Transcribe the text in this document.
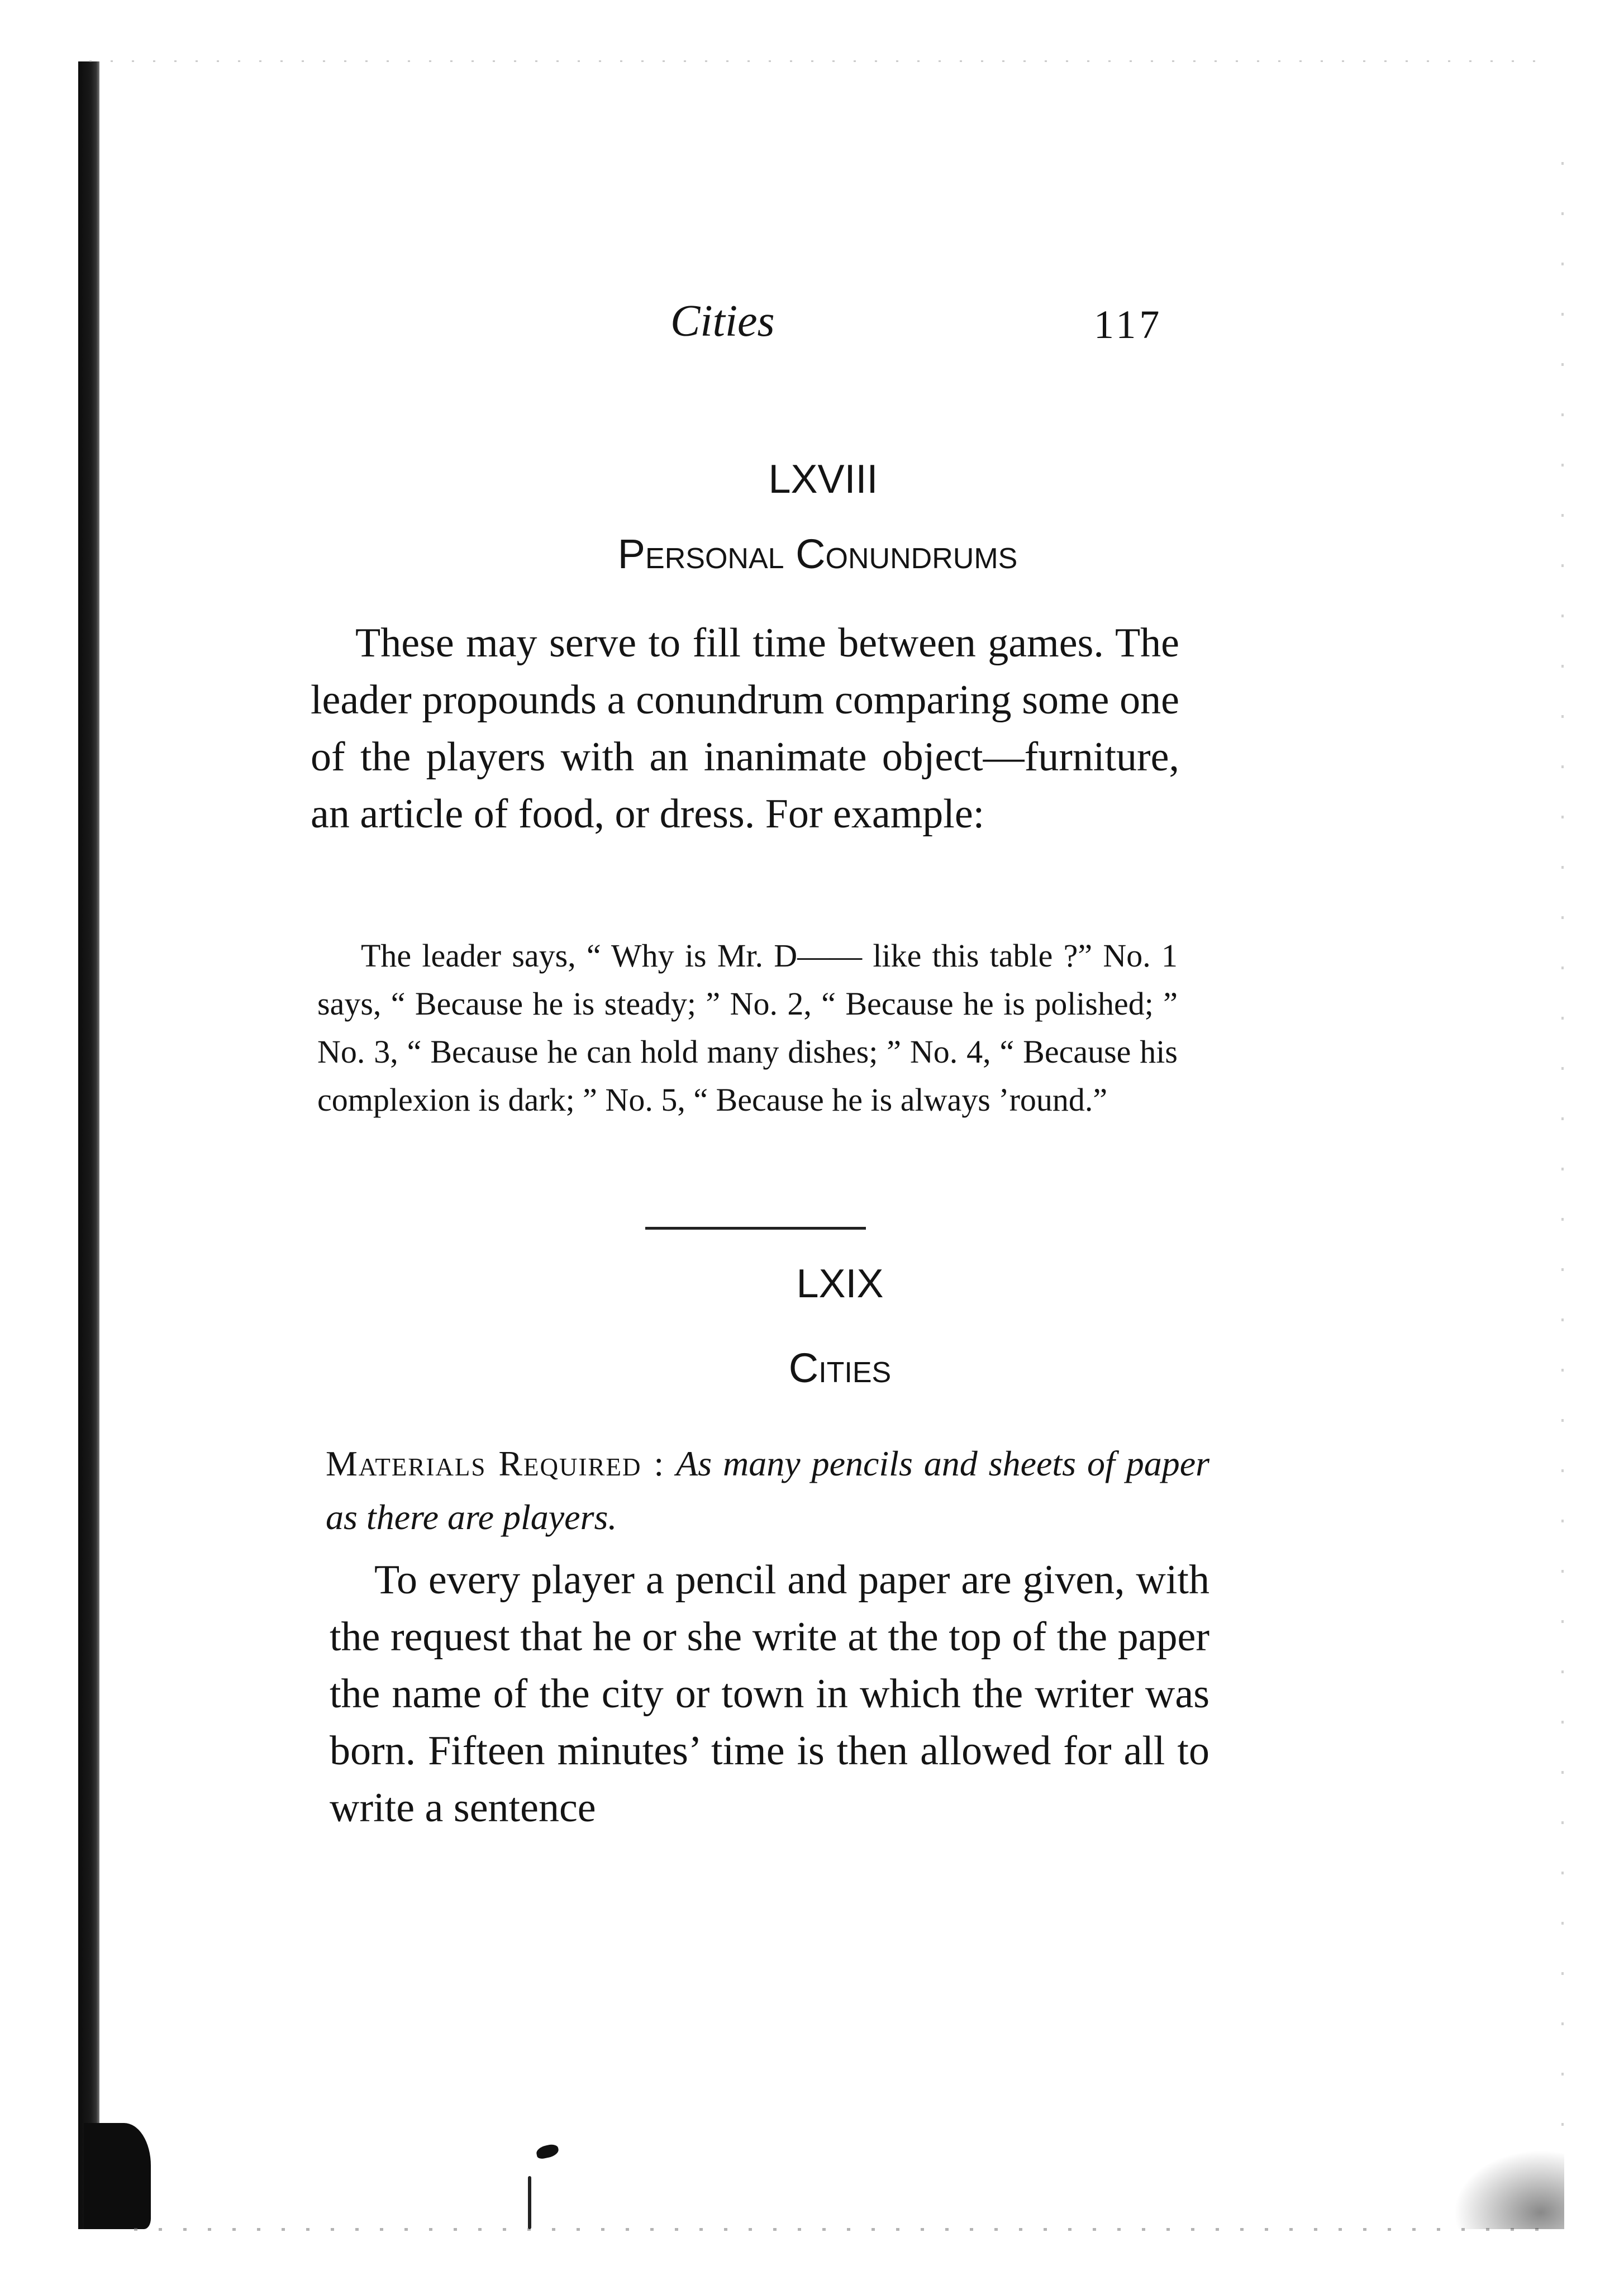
Cities	117
LXVIII
Personal Conundrums

These may serve to fill time between games. The leader propounds a conundrum comparing some one of the players with an inanimate object—furniture, an article of food, or dress. For example:

The leader says, “ Why is Mr. D—— like this table ?” No. 1 says, “ Because he is steady; ” No. 2, “ Because he is polished; ” No. 3, “ Because he can hold many dishes; ” No. 4, “ Because his complexion is dark; ” No. 5, “ Because he is always ’round.”

LXIX
Cities

Materials Required : As many pencils and sheets of paper as there are players.

To every player a pencil and paper are given, with the request that he or she write at the top of the paper the name of the city or town in which the writer was born. Fifteen minutes’ time is then allowed for all to write a sentence
